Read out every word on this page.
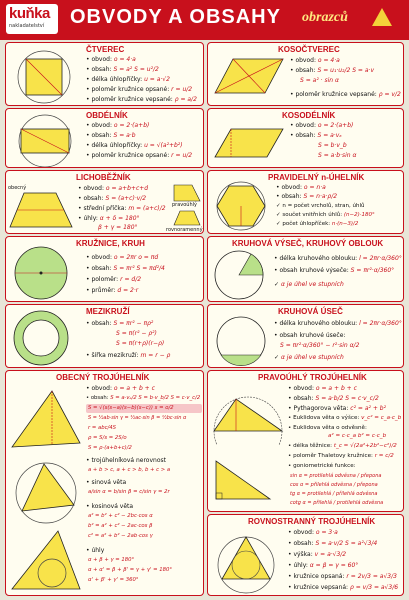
kuňka
nakladatelství OBVODY A OBSAHY obrazců
ČTVEREC
• obvod: o = 4·a
• obsah: S = a² S = u²/2
• délka úhlopříčky: u = a·√2
• poloměr kružnice opsané: r = u/2
• poloměr kružnice vepsané: ρ = a/2
KOSOČTVEREC
• obvod: o = 4·a
• obsah: S = u₁·u₂/2 S = a·v
S = a² · sin α
• poloměr kružnice vepsané: ρ = v/2
OBDÉLNÍK
• obvod: o = 2·(a+b)
• obsah: S = a·b
• délka úhlopříčky: u = √(a²+b²)
• poloměr kružnice opsané: r = u/2
KOSODÉLNÍK
• obvod: o = 2·(a+b)
• obsah: S = a·vₐ
S = b·v_b
S = a·b·sin α
LICHOBĚŽNÍK
obecný	• obvod: o = a+b+c+d
• obsah: S = (a+c)·v/2
• střední příčka: m = (a+c)/2
• úhly: α + δ = 180°
β + γ = 180°
pravoúhlý
rovnoramenný
PRAVIDELNÝ n-ÚHELNÍK
• obvod: o = n·a
• obsah: S = n·a·ρ/2
✓ n = počet vrcholů, stran, úhlů
✓ součet vnitřních úhlů: (n−2)·180°
✓ počet úhlopříček: n·(n−3)/2
KRUŽNICE, KRUH
• obvod: o = 2πr o = πd
• obsah: S = πr² S = πd²/4
• poloměr: r = d/2
• průměr: d = 2·r
KRUHOVÁ VÝSEČ, KRUHOVÝ OBLOUK
• délka kruhového oblouku: l = 2πr·α/360°
• obsah kruhové výseče: S = πr²·α/360°
✓ α je úhel ve stupních
MEZIKRUŽÍ
• obsah: S = πr² − πρ²
S = π(r² − ρ²)
S = π(r+ρ)(r−ρ)
• šířka mezikruží: m = r − ρ
KRUHOVÁ ÚSEČ
• délka kruhového oblouku: l = 2πr·α/360°
• obsah kruhové úseče:
S = πr²·α/360° − r²·sin α/2
✓ α je úhel ve stupních
OBECNÝ TROJÚHELNÍK
• obvod: o = a + b + c
• obsah: S = a·vₐ/2 S = b·v_b/2 S = c·v_c/2
S = √(s(s−a)(s−b)(s−c)) s = o/2
S = ½ab·sin γ = ½ac·sin β = ½bc·sin α
r = abc/4S
ρ = S/s = 2S/o
S = ρ·(a+b+c)/2
• trojúhelníková nerovnost
a + b > c, a + c > b, b + c > a
• sinová věta
a/sin α = b/sin β = c/sin γ = 2r
• kosinová věta
a² = b² + c² − 2bc·cos α
b² = a² + c² − 2ac·cos β
c² = a² + b² − 2ab·cos γ
• úhly
α + β + γ = 180°
α + α' = β + β' = γ + γ' = 180°
α' + β' + γ' = 360°
PRAVOÚHLÝ TROJÚHELNÍK
• obvod: o = a + b + c
• obsah: S = a·b/2 S = c·v_c/2
• Pythagorova věta: c² = a² + b²
• Euklidova věta o výšce: v_c² = c_a·c_b
• Euklidova věta o odvěsně:
a² = c·c_a b² = c·c_b
• délka těžnice: t_c = √(2a²+2b²−c²)/2
• poloměr Thaletovy kružnice: r = c/2
• goniometrické funkce:
sin α = protilehlá odvěsna / přepona
cos α = přilehlá odvěsna / přepona
tg α = protilehlá / přilehlá odvěsna
cotg α = přilehlá / protilehlá odvěsna
ROVNOSTRANNÝ TROJÚHELNÍK
• obvod: o = 3·a
• obsah: S = a·v/2 S = a²√3/4
• výška: v = a·√3/2
• úhly: α = β = γ = 60°
• kružnice opsaná: r = 2v/3 = a√3/3
• kružnice vepsaná: ρ = v/3 = a√3/6
